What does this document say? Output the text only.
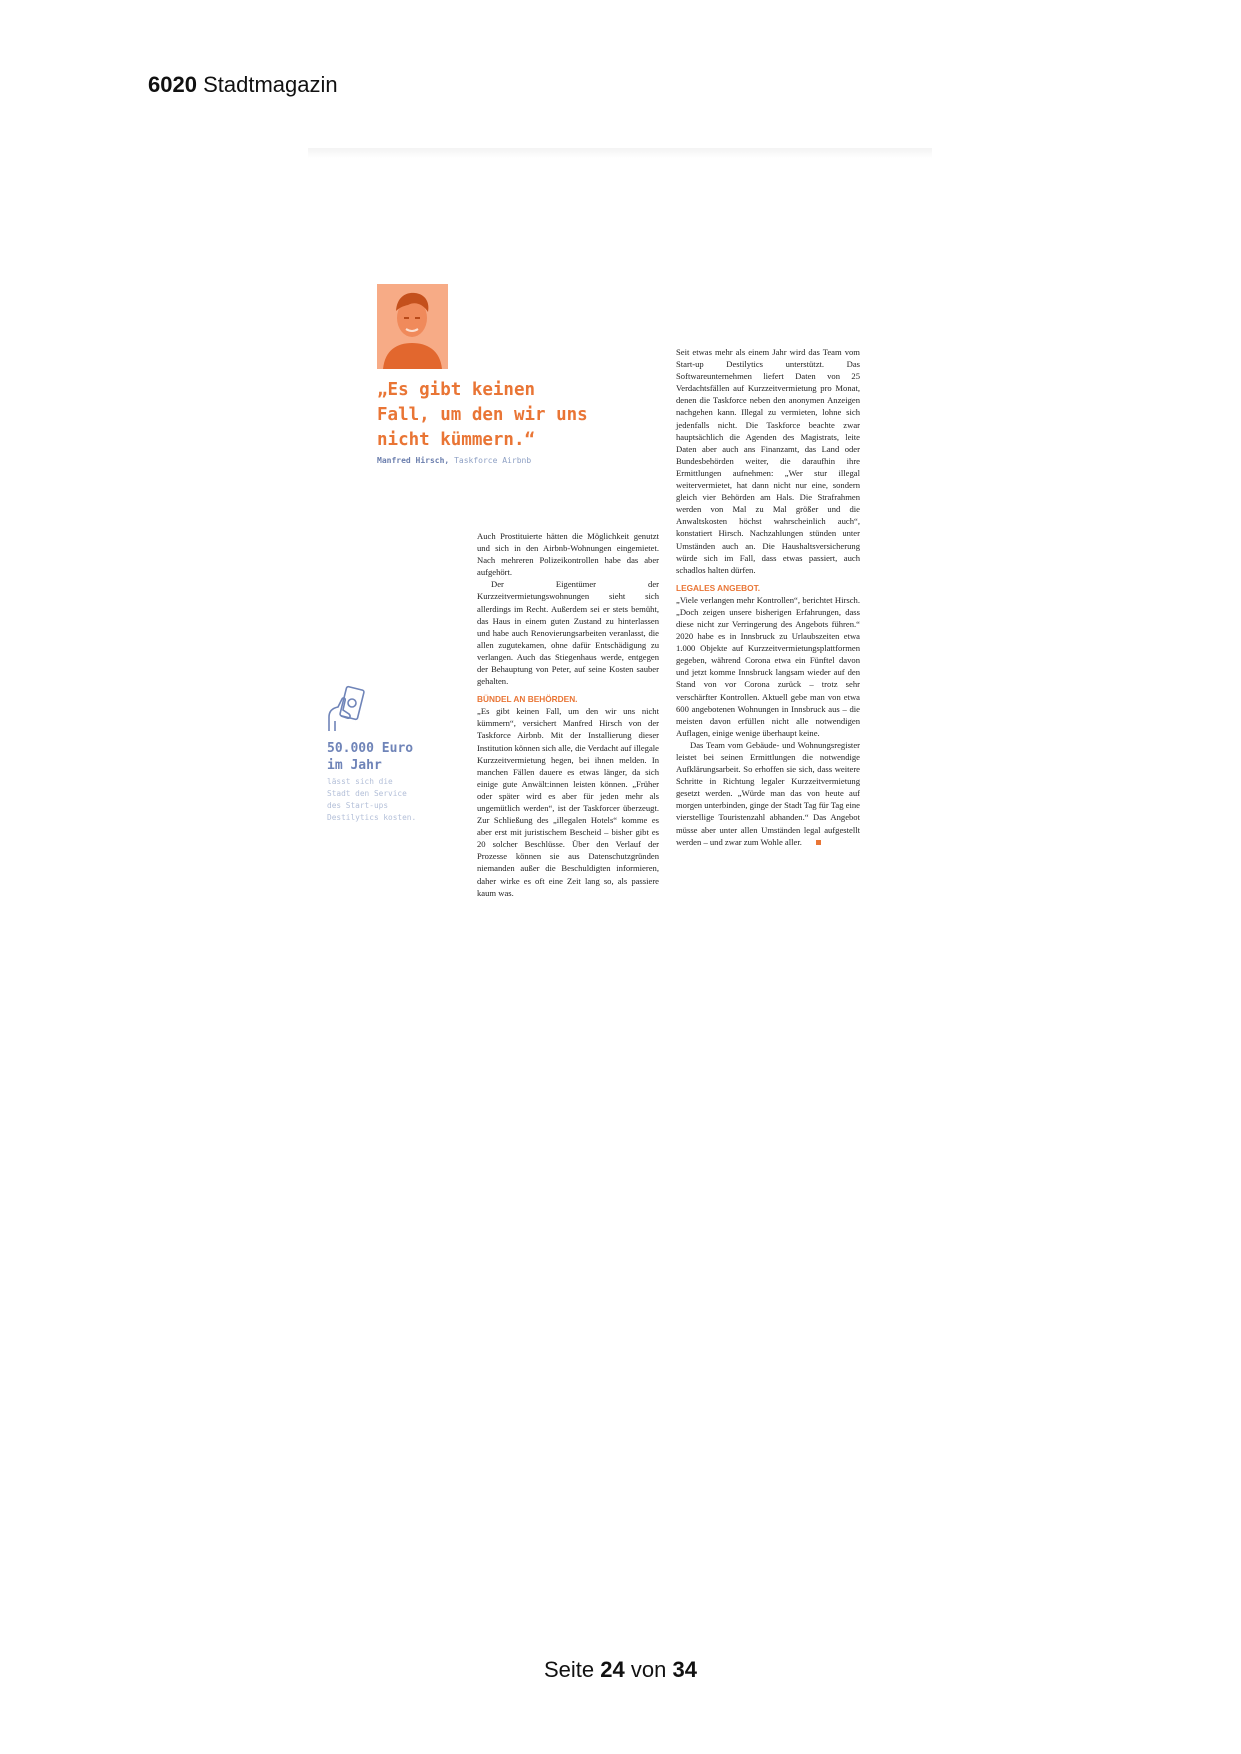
6020 Stadtmagazin
„Es gibt keinen
Fall, um den wir uns
nicht kümmern.“
Manfred Hirsch, Taskforce Airbnb
50.000 Euro
im Jahr
lässt sich die
Stadt den Service
des Start-ups
Destilytics kosten.

Auch Prostituierte hätten die Möglichkeit genutzt und sich in den Airbnb-Wohnungen eingemietet. Nach mehreren Polizeikontrollen habe das aber aufgehört.

Der Eigentümer der Kurzzeitvermietungswohnungen sieht sich allerdings im Recht. Außerdem sei er stets bemüht, das Haus in einem guten Zustand zu hinterlassen und habe auch Renovierungsarbeiten veranlasst, die allen zugutekamen, ohne dafür Entschädigung zu verlangen. Auch das Stiegenhaus werde, entgegen der Behauptung von Peter, auf seine Kosten sauber gehalten.

BÜNDEL AN BEHÖRDEN.

„Es gibt keinen Fall, um den wir uns nicht kümmern“, versichert Manfred Hirsch von der Taskforce Airbnb. Mit der Installierung dieser Institution können sich alle, die Verdacht auf illegale Kurzzeitvermietung hegen, bei ihnen melden. In manchen Fällen dauere es etwas länger, da sich einige gute Anwält:innen leisten können. „Früher oder später wird es aber für jeden mehr als ungemütlich werden“, ist der Taskforcer überzeugt. Zur Schließung des „illegalen Hotels“ komme es aber erst mit juristischem Bescheid – bisher gibt es 20 solcher Beschlüsse. Über den Verlauf der Prozesse können sie aus Datenschutzgründen niemanden außer die Beschuldigten informieren, daher wirke es oft eine Zeit lang so, als passiere kaum was.

Seit etwas mehr als einem Jahr wird das Team vom Start-up Destilytics unterstützt. Das Softwareunternehmen liefert Daten von 25 Verdachtsfällen auf Kurzzeitvermietung pro Monat, denen die Taskforce neben den anonymen Anzeigen nachgehen kann. Illegal zu vermieten, lohne sich jedenfalls nicht. Die Taskforce beachte zwar hauptsächlich die Agenden des Magistrats, leite Daten aber auch ans Finanzamt, das Land oder Bundesbehörden weiter, die daraufhin ihre Ermittlungen aufnehmen: „Wer stur illegal weitervermietet, hat dann nicht nur eine, sondern gleich vier Behörden am Hals. Die Strafrahmen werden von Mal zu Mal größer und die Anwaltskosten höchst wahrscheinlich auch“, konstatiert Hirsch. Nachzahlungen stünden unter Umständen auch an. Die Haushaltsversicherung würde sich im Fall, dass etwas passiert, auch schadlos halten dürfen.

LEGALES ANGEBOT.

„Viele verlangen mehr Kontrollen“, berichtet Hirsch. „Doch zeigen unsere bisherigen Erfahrungen, dass diese nicht zur Verringerung des Angebots führen.“ 2020 habe es in Innsbruck zu Urlaubszeiten etwa 1.000 Objekte auf Kurzzeitvermietungsplattformen gegeben, während Corona etwa ein Fünftel davon und jetzt komme Innsbruck langsam wieder auf den Stand von vor Corona zurück – trotz sehr verschärfter Kontrollen. Aktuell gebe man von etwa 600 angebotenen Wohnungen in Innsbruck aus – die meisten davon erfüllen nicht alle notwendigen Auflagen, einige wenige überhaupt keine.

Das Team vom Gebäude- und Wohnungsregister leistet bei seinen Ermittlungen die notwendige Aufklärungsarbeit. So erhoffen sie sich, dass weitere Schritte in Richtung legaler Kurzzeitvermietung gesetzt werden. „Würde man das von heute auf morgen unterbinden, ginge der Stadt Tag für Tag eine vierstellige Touristenzahl abhanden.“ Das Angebot müsse aber unter allen Umständen legal aufgestellt werden – und zwar zum Wohle aller.

Seite 24 von 34
